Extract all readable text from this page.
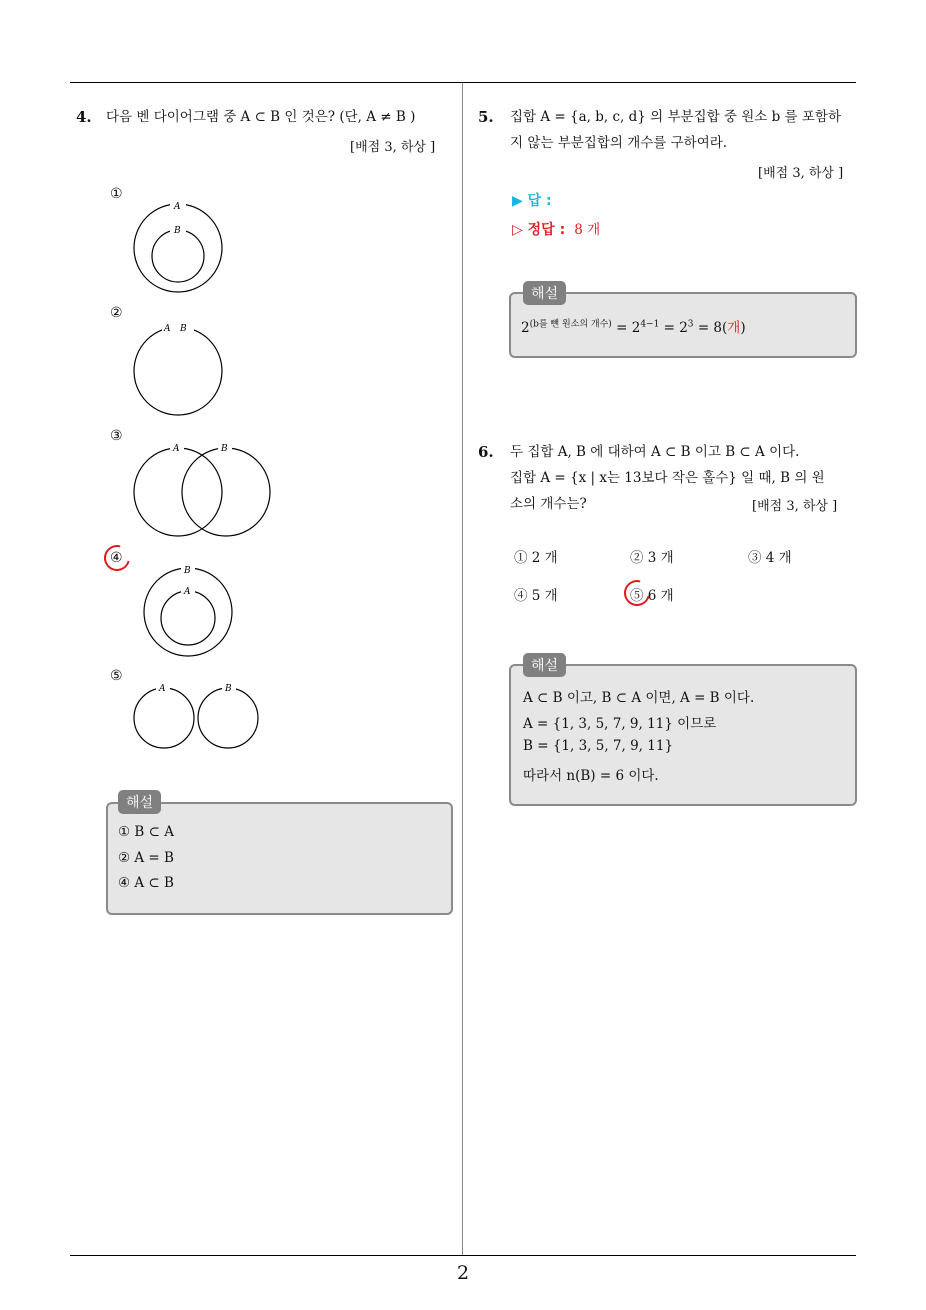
2
4. 다음 벤 다이어그램 중 A ⊂ B 인 것은? (단, A ≠ B )
[배점 3, 하상 ]
①
A
B
②
A B
③
A	B
④
B
A
⑤
A	B
해설
① B ⊂ A
② A = B
④ A ⊂ B
5. 집합 A = {a, b, c, d} 의 부분집합 중 원소 b 를 포함하
지 않는 부분집합의 개수를 구하여라.
[배점 3, 하상 ]
▶ 답 :
▷ 정답 : 8 개
해설
$2^{(b를 뺀 원소의 개수)} = 2^{4-1} = 2^3 = 8$(개)
6. 두 집합 A, B 에 대하여 A ⊂ B 이고 B ⊂ A 이다.
집합 A = {x | x는 13보다 작은 홀수} 일 때, B 의 원
소의 개수는?	[배점 3, 하상 ]
① 2 개	② 3 개	③ 4 개
④ 5 개	⑤ 6 개
해설
A ⊂ B 이고, B ⊂ A 이면, A = B 이다.
A = {1, 3, 5, 7, 9, 11} 이므로
B = {1, 3, 5, 7, 9, 11}
따라서 n(B) = 6 이다.
